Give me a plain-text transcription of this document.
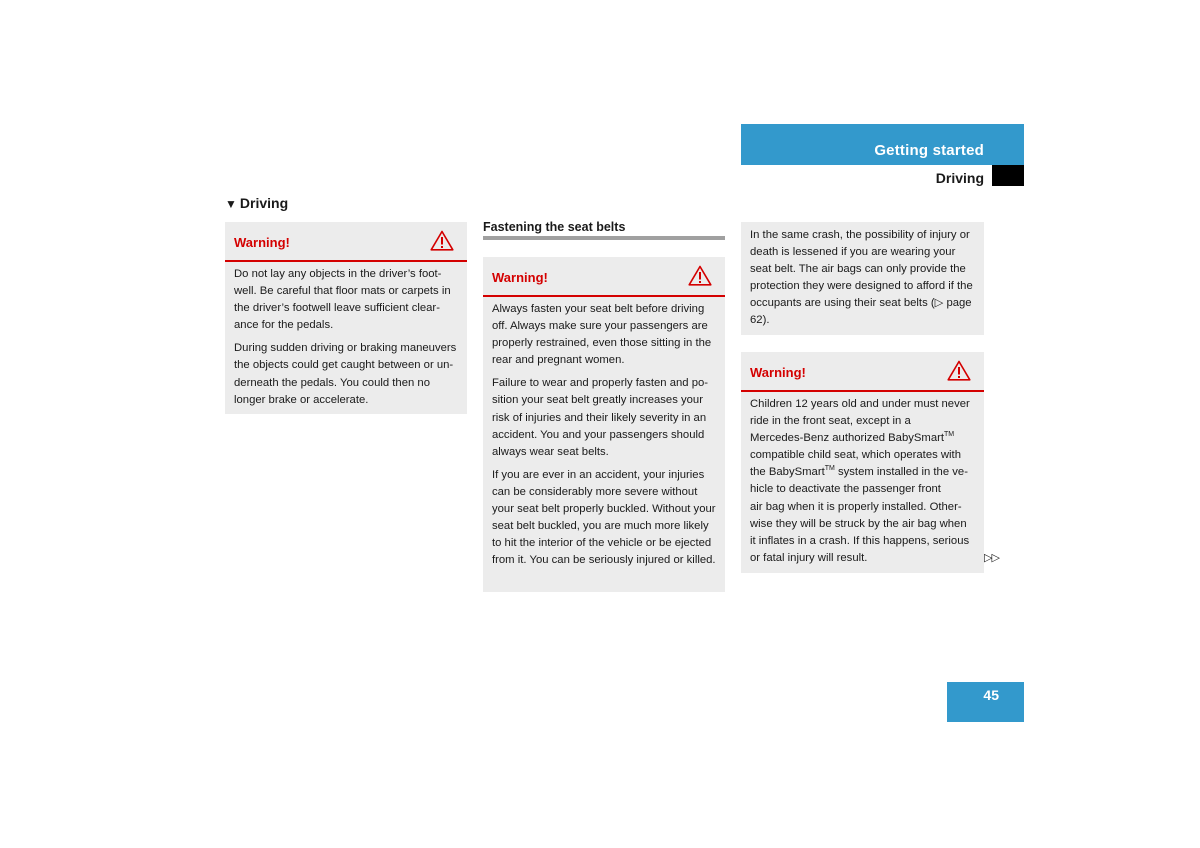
Getting started
Driving
▼ Driving
Warning!

Do not lay any objects in the driver’s foot-well. Be careful that floor mats or carpets in the driver’s footwell leave sufficient clear-ance for the pedals.

During sudden driving or braking maneuvers the objects could get caught between or un-derneath the pedals. You could then no longer brake or accelerate.

Fastening the seat belts
Warning!

Always fasten your seat belt before driving off. Always make sure your passengers are properly restrained, even those sitting in the rear and pregnant women.

Failure to wear and properly fasten and po-sition your seat belt greatly increases your risk of injuries and their likely severity in an accident. You and your passengers should always wear seat belts.

If you are ever in an accident, your injuries can be considerably more severe without your seat belt properly buckled. Without your seat belt buckled, you are much more likely to hit the interior of the vehicle or be ejected from it. You can be seriously injured or killed.

In the same crash, the possibility of injury or death is lessened if you are wearing your seat belt. The air bags can only provide the protection they were designed to afford if the occupants are using their seat belts (▷ page 62).

Warning!
Children 12 years old and under must never
ride in the front seat, except in a
Mercedes-Benz authorized BabySmart™
compatible child seat, which operates with
the BabySmart™ system installed in the ve-
hicle to deactivate the passenger front
air bag when it is properly installed. Other-
wise they will be struck by the air bag when
it inflates in a crash. If this happens, serious
or fatal injury will result.	▷▷
45
